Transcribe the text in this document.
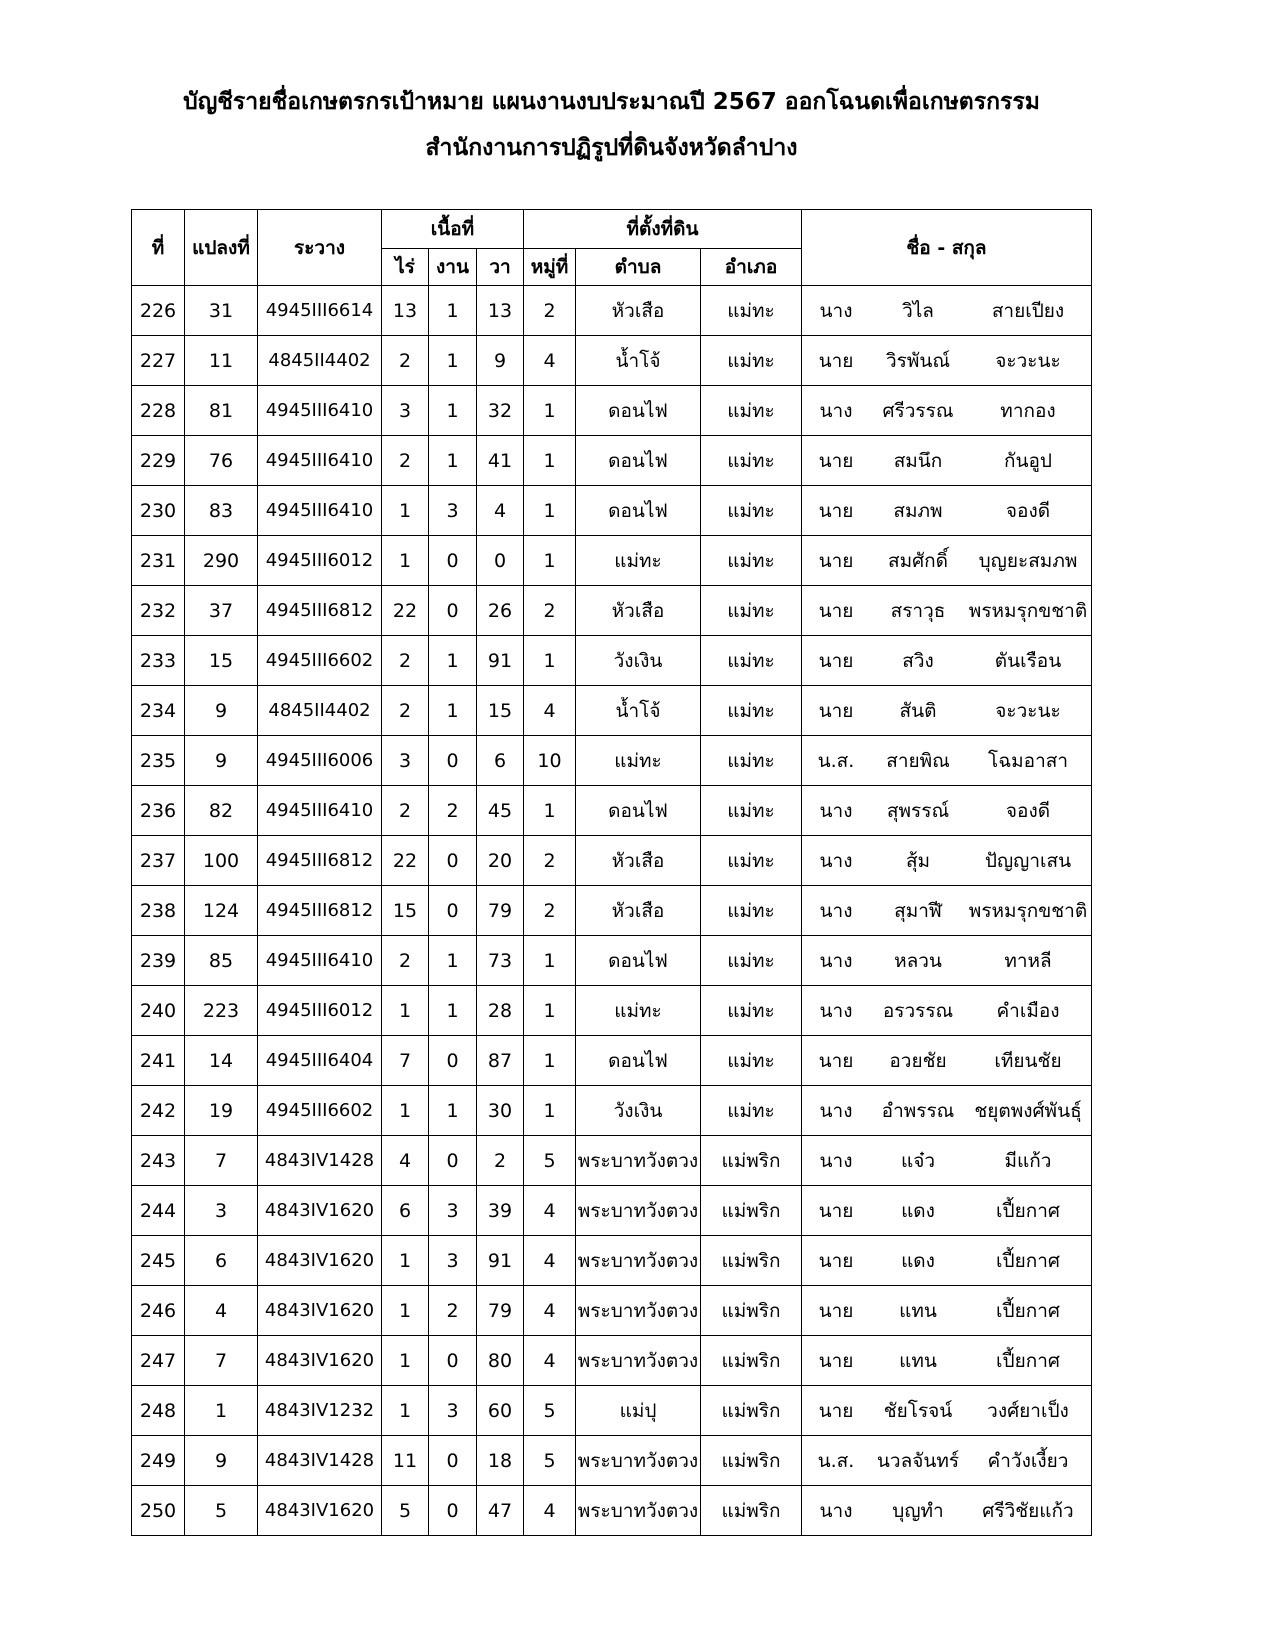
บัญชีรายชื่อเกษตรกรเป้าหมาย แผนงานงบประมาณปี 2567 ออกโฉนดเพื่อเกษตรกรรม
สำนักงานการปฏิรูปที่ดินจังหวัดลำปาง
ที่	แปลงที่	ระวาง	เนื้อที่			ที่ตั้งที่ดิน			ชื่อ - สกุล
			ไร่	งาน	วา	หมู่ที่	ตำบล	อำเภอ	
226	31	4945III6614	13	1	13	2	หัวเสือ	แม่ทะ	นาง วิไล สายเปียง

227	11	4845II4402	2	1	9	4	น้ำโจ้	แม่ทะ	นาย วิรพันณ์ จะวะนะ

228	81	4945III6410	3	1	32	1	ดอนไฟ	แม่ทะ	นาง ศรีวรรณ ทากอง

229	76	4945III6410	2	1	41	1	ดอนไฟ	แม่ทะ	นาย สมนึก กันอูป

230	83	4945III6410	1	3	4	1	ดอนไฟ	แม่ทะ	นาย สมภพ จองดี

231	290	4945III6012	1	0	0	1	แม่ทะ	แม่ทะ	นาย สมศักดิ์ บุญยะสมภพ

232	37	4945III6812	22	0	26	2	หัวเสือ	แม่ทะ	นาย สราวุธ พรหมรุกขชาติ

233	15	4945III6602	2	1	91	1	วังเงิน	แม่ทะ	นาย สวิง ตันเรือน

234	9	4845II4402	2	1	15	4	น้ำโจ้	แม่ทะ	นาย สันติ จะวะนะ

235	9	4945III6006	3	0	6	10	แม่ทะ	แม่ทะ	น.ส. สายพิณ โฉมอาสา

236	82	4945III6410	2	2	45	1	ดอนไฟ	แม่ทะ	นาง สุพรรณ์ จองดี

237	100	4945III6812	22	0	20	2	หัวเสือ	แม่ทะ	นาง สุ้ม ปัญญาเสน

238	124	4945III6812	15	0	79	2	หัวเสือ	แม่ทะ	นาง สุมาฬี พรหมรุกขชาติ

239	85	4945III6410	2	1	73	1	ดอนไฟ	แม่ทะ	นาง หลวน ทาหลี

240	223	4945III6012	1	1	28	1	แม่ทะ	แม่ทะ	นาง อรวรรณ คำเมือง

241	14	4945III6404	7	0	87	1	ดอนไฟ	แม่ทะ	นาย อวยชัย เทียนชัย

242	19	4945III6602	1	1	30	1	วังเงิน	แม่ทะ	นาง อำพรรณ ชยุตพงศ์พันธุ์

243	7	4843IV1428	4	0	2	5	พระบาทวังตวง	แม่พริก	นาง แจ๋ว มีแก้ว

244	3	4843IV1620	6	3	39	4	พระบาทวังตวง	แม่พริก	นาย แดง เปี้ยกาศ

245	6	4843IV1620	1	3	91	4	พระบาทวังตวง	แม่พริก	นาย แดง เปี้ยกาศ

246	4	4843IV1620	1	2	79	4	พระบาทวังตวง	แม่พริก	นาย แทน เปี้ยกาศ

247	7	4843IV1620	1	0	80	4	พระบาทวังตวง	แม่พริก	นาย แทน เปี้ยกาศ

248	1	4843IV1232	1	3	60	5	แม่ปุ	แม่พริก	นาย ชัยโรจน์ วงศ์ยาเป็ง

249	9	4843IV1428	11	0	18	5	พระบาทวังตวง	แม่พริก	น.ส. นวลจันทร์ คำวังเงี้ยว

250	5	4843IV1620	5	0	47	4	พระบาทวังตวง	แม่พริก	นาง บุญทำ ศรีวิชัยแก้ว
